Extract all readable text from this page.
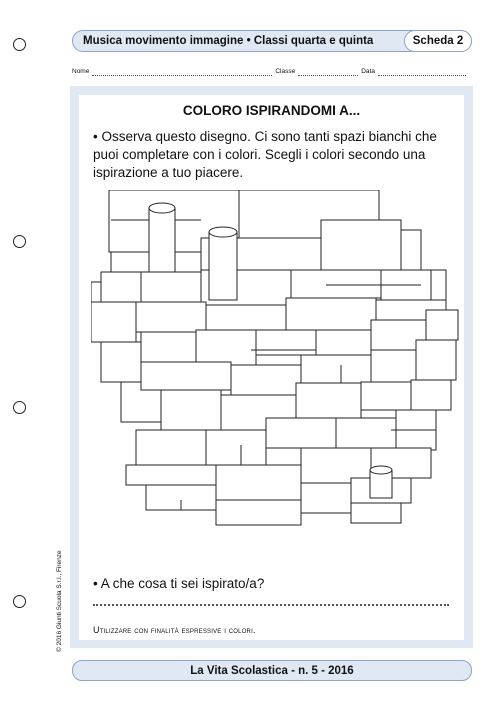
Musica movimento immagine • Classi quarta e quinta	Scheda 2
Nome	Classe	Data
COLORO ISPIRANDOMI A...
• Osserva questo disegno. Ci sono tanti spazi bianchi che puoi completare con i colori. Scegli i colori secondo una ispirazione a tuo piacere.
• A che cosa ti sei ispirato/a?
Utilizzare con finalità espressive i colori.
© 2016 Giunti Scuola S.r.l., Firenze
La Vita Scolastica - n. 5 - 2016
